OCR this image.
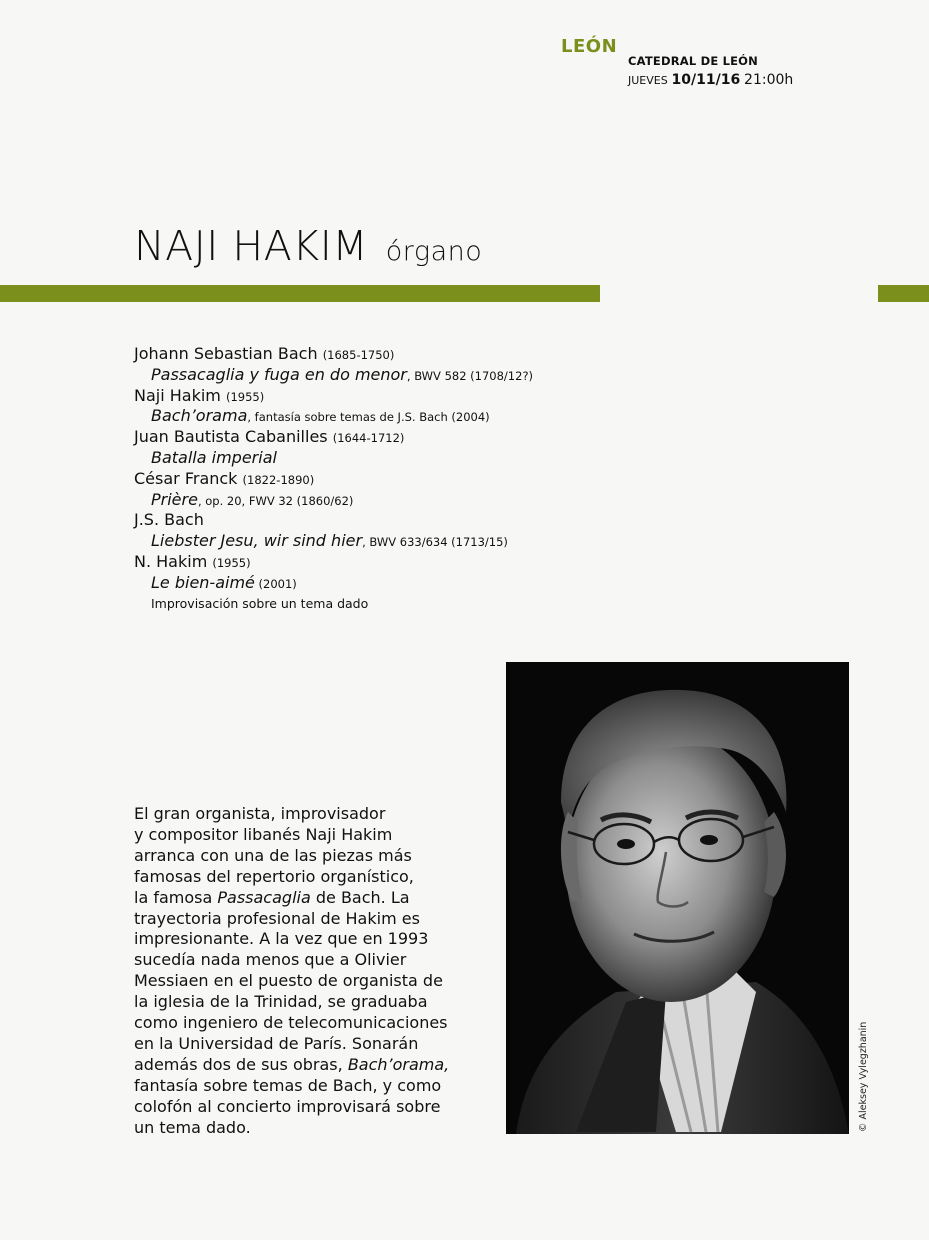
LEÓN
CATEDRAL DE LEÓN
JUEVES 10/11/16 21:00h
NAJI HAKIM órgano
Johann Sebastian Bach (1685-1750)
Passacaglia y fuga en do menor, BWV 582 (1708/12?)
Naji Hakim (1955)
Bach’orama, fantasía sobre temas de J.S. Bach (2004)
Juan Bautista Cabanilles (1644-1712)
Batalla imperial
César Franck (1822-1890)
Prière, op. 20, FWV 32 (1860/62)
J.S. Bach
Liebster Jesu, wir sind hier, BWV 633/634 (1713/15)
N. Hakim (1955)
Le bien-aimé (2001)
Improvisación sobre un tema dado
El gran organista, improvisador
y compositor libanés Naji Hakim
arranca con una de las piezas más
famosas del repertorio organístico,
la famosa Passacaglia de Bach. La
trayectoria profesional de Hakim es
impresionante. A la vez que en 1993
sucedía nada menos que a Olivier
Messiaen en el puesto de organista de
la iglesia de la Trinidad, se graduaba
como ingeniero de telecomunicaciones
en la Universidad de París. Sonarán
además dos de sus obras, Bach’orama,
fantasía sobre temas de Bach, y como
colofón al concierto improvisará sobre
un tema dado.	© Aleksey Vylegzhanin
